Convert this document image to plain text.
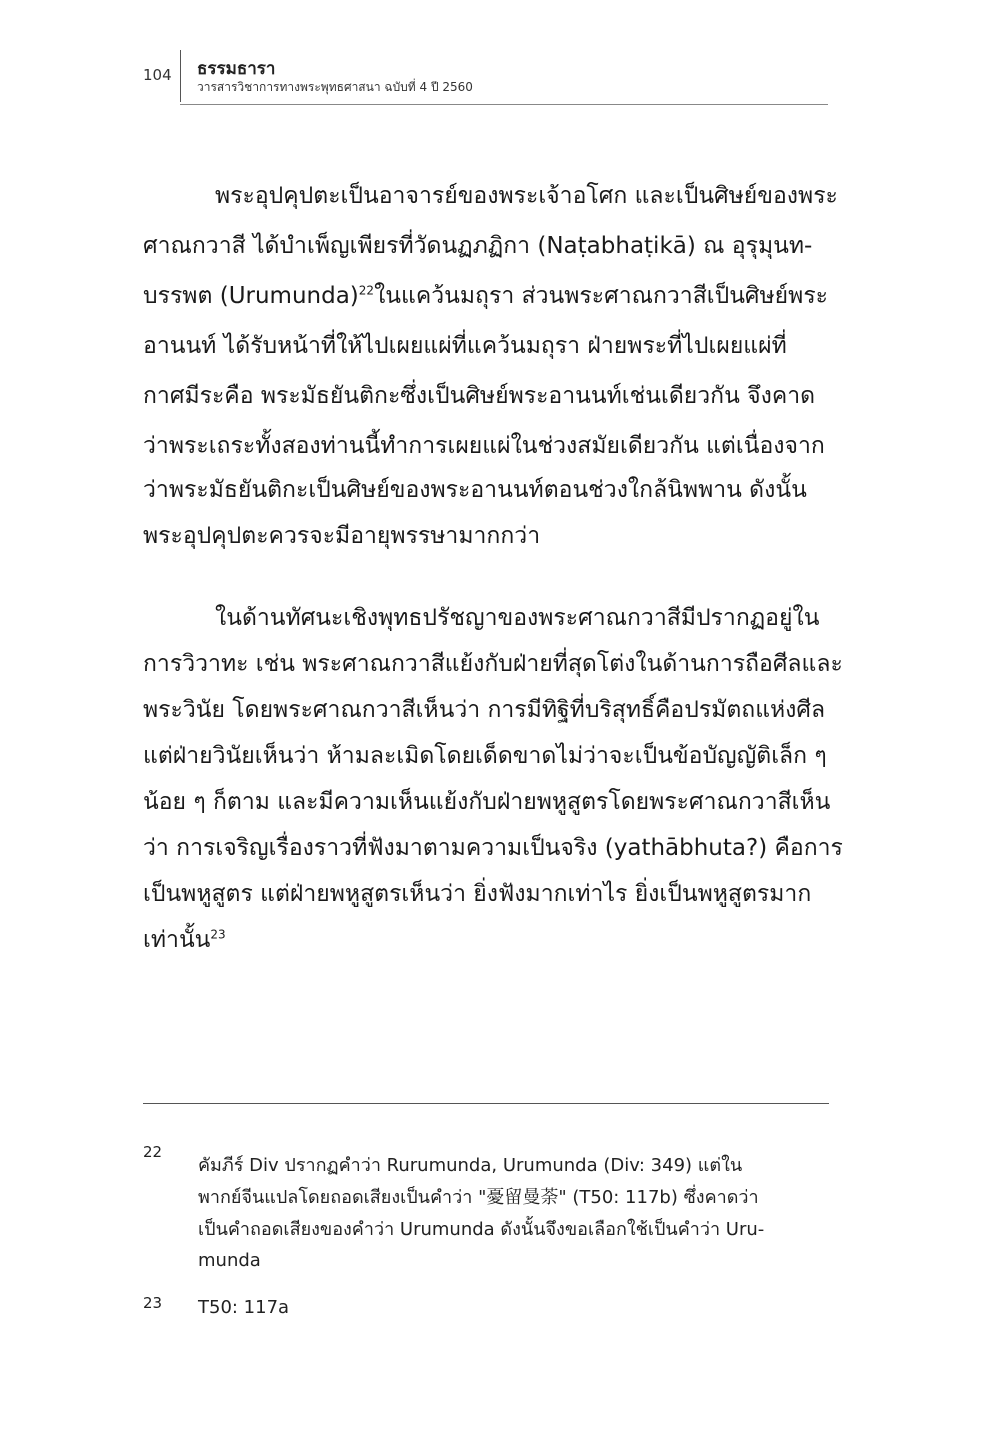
104 ธรรมธารา
วารสารวิชาการทางพระพุทธศาสนา ฉบับที่ 4 ปี 2560
พระอุปคุปตะเป็นอาจารย์ของพระเจ้าอโศก และเป็นศิษย์ของพระ
ศาณกวาสี ได้บำเพ็ญเพียรที่วัดนฏภฏิกา (Naṭabhaṭikā) ณ อุรุมุนท-
บรรพต (Urumunda)$^{22}$ในแคว้นมถุรา ส่วนพระศาณกวาสีเป็นศิษย์พระ
อานนท์ ได้รับหน้าที่ให้ไปเผยแผ่ที่แคว้นมถุรา ฝ่ายพระที่ไปเผยแผ่ที่
กาศมีระคือ พระมัธยันติกะซึ่งเป็นศิษย์พระอานนท์เช่นเดียวกัน จึงคาด
ว่าพระเถระทั้งสองท่านนี้ทำการเผยแผ่ในช่วงสมัยเดียวกัน แต่เนื่องจาก
ว่าพระมัธยันติกะเป็นศิษย์ของพระอานนท์ตอนช่วงใกล้นิพพาน ดังนั้น
พระอุปคุปตะควรจะมีอายุพรรษามากกว่า
ในด้านทัศนะเชิงพุทธปรัชญาของพระศาณกวาสีมีปรากฏอยู่ใน
การวิวาทะ เช่น พระศาณกวาสีแย้งกับฝ่ายที่สุดโต่งในด้านการถือศีลและ
พระวินัย โดยพระศาณกวาสีเห็นว่า การมีทิฐิที่บริสุทธิ์คือปรมัตถแห่งศีล
แต่ฝ่ายวินัยเห็นว่า ห้ามละเมิดโดยเด็ดขาดไม่ว่าจะเป็นข้อบัญญัติเล็ก ๆ
น้อย ๆ ก็ตาม และมีความเห็นแย้งกับฝ่ายพหูสูตรโดยพระศาณกวาสีเห็น
ว่า การเจริญเรื่องราวที่ฟังมาตามความเป็นจริง (yathābhuta?) คือการ
เป็นพหูสูตร แต่ฝ่ายพหูสูตรเห็นว่า ยิ่งฟังมากเท่าไร ยิ่งเป็นพหูสูตรมาก
เท่านั้น$^{23}$
22
คัมภีร์ Div ปรากฏคำว่า Rurumunda, Urumunda (Div: 349) แต่ใน
พากย์จีนแปลโดยถอดเสียงเป็นคำว่า "憂留曼荼" (T50: 117b) ซึ่งคาดว่า
เป็นคำถอดเสียงของคำว่า Urumunda ดังนั้นจึงขอเลือกใช้เป็นคำว่า Uru-
munda
23 T50: 117a
